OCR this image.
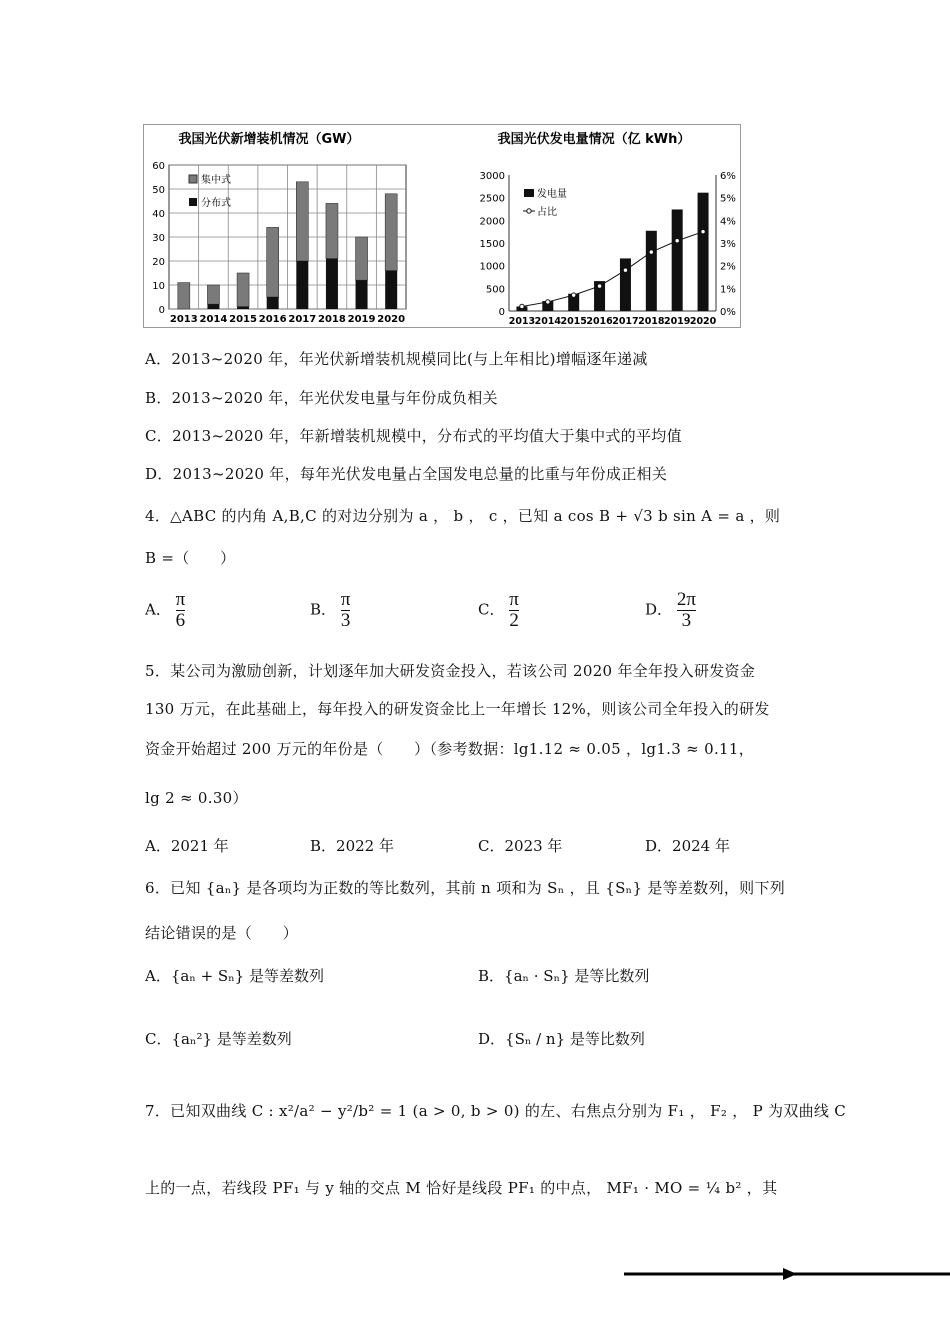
我国光伏新增装机情况（GW）	我国光伏发电量情况（亿 kWh）
0
10
20
30
40
50
60
2013 2014 2015 2016 2017 2018 2019 2020
集中式
分布式
0	0%
500	1%
1000	2%
1500	3%
2000	4%
2500	5%
3000	6%
2013 2014 2015 2016 2017 2018 2019 2020
发电量
占比
A．2013~2020 年，年光伏新增装机规模同比(与上年相比)增幅逐年递减
B．2013~2020 年，年光伏发电量与年份成负相关
C．2013~2020 年，年新增装机规模中，分布式的平均值大于集中式的平均值
D．2013~2020 年，每年光伏发电量占全国发电总量的比重与年份成正相关
4．△ABC 的内角 A,B,C 的对边分别为 a ， b ， c ，已知 a cos B + √3 b sin A = a ，则
B =（　　）
A． $\frac{\pi}{6}$	B． $\frac{\pi}{3}$	C． $\frac{\pi}{2}$	D． $\frac{2\pi}{3}$
5．某公司为激励创新，计划逐年加大研发资金投入，若该公司 2020 年全年投入研发资金
130 万元，在此基础上，每年投入的研发资金比上一年增长 12%，则该公司全年投入的研发
资金开始超过 200 万元的年份是（　　）（参考数据：lg1.12 ≈ 0.05 ，lg1.3 ≈ 0.11，
lg 2 ≈ 0.30）
A．2021 年	B．2022 年	C．2023 年	D．2024 年
6．已知 {aₙ} 是各项均为正数的等比数列，其前 n 项和为 Sₙ ，且 {Sₙ} 是等差数列，则下列
结论错误的是（　　）
A．{aₙ + Sₙ} 是等差数列	B．{aₙ · Sₙ} 是等比数列
C．{aₙ²} 是等差数列	D．{Sₙ / n} 是等比数列
7．已知双曲线 C : x²/a² − y²/b² = 1 (a > 0, b > 0) 的左、右焦点分别为 F₁ ， F₂ ， P 为双曲线 C
上的一点，若线段 PF₁ 与 y 轴的交点 M 恰好是线段 PF₁ 的中点， MF₁ · MO = ¼ b² ，其
